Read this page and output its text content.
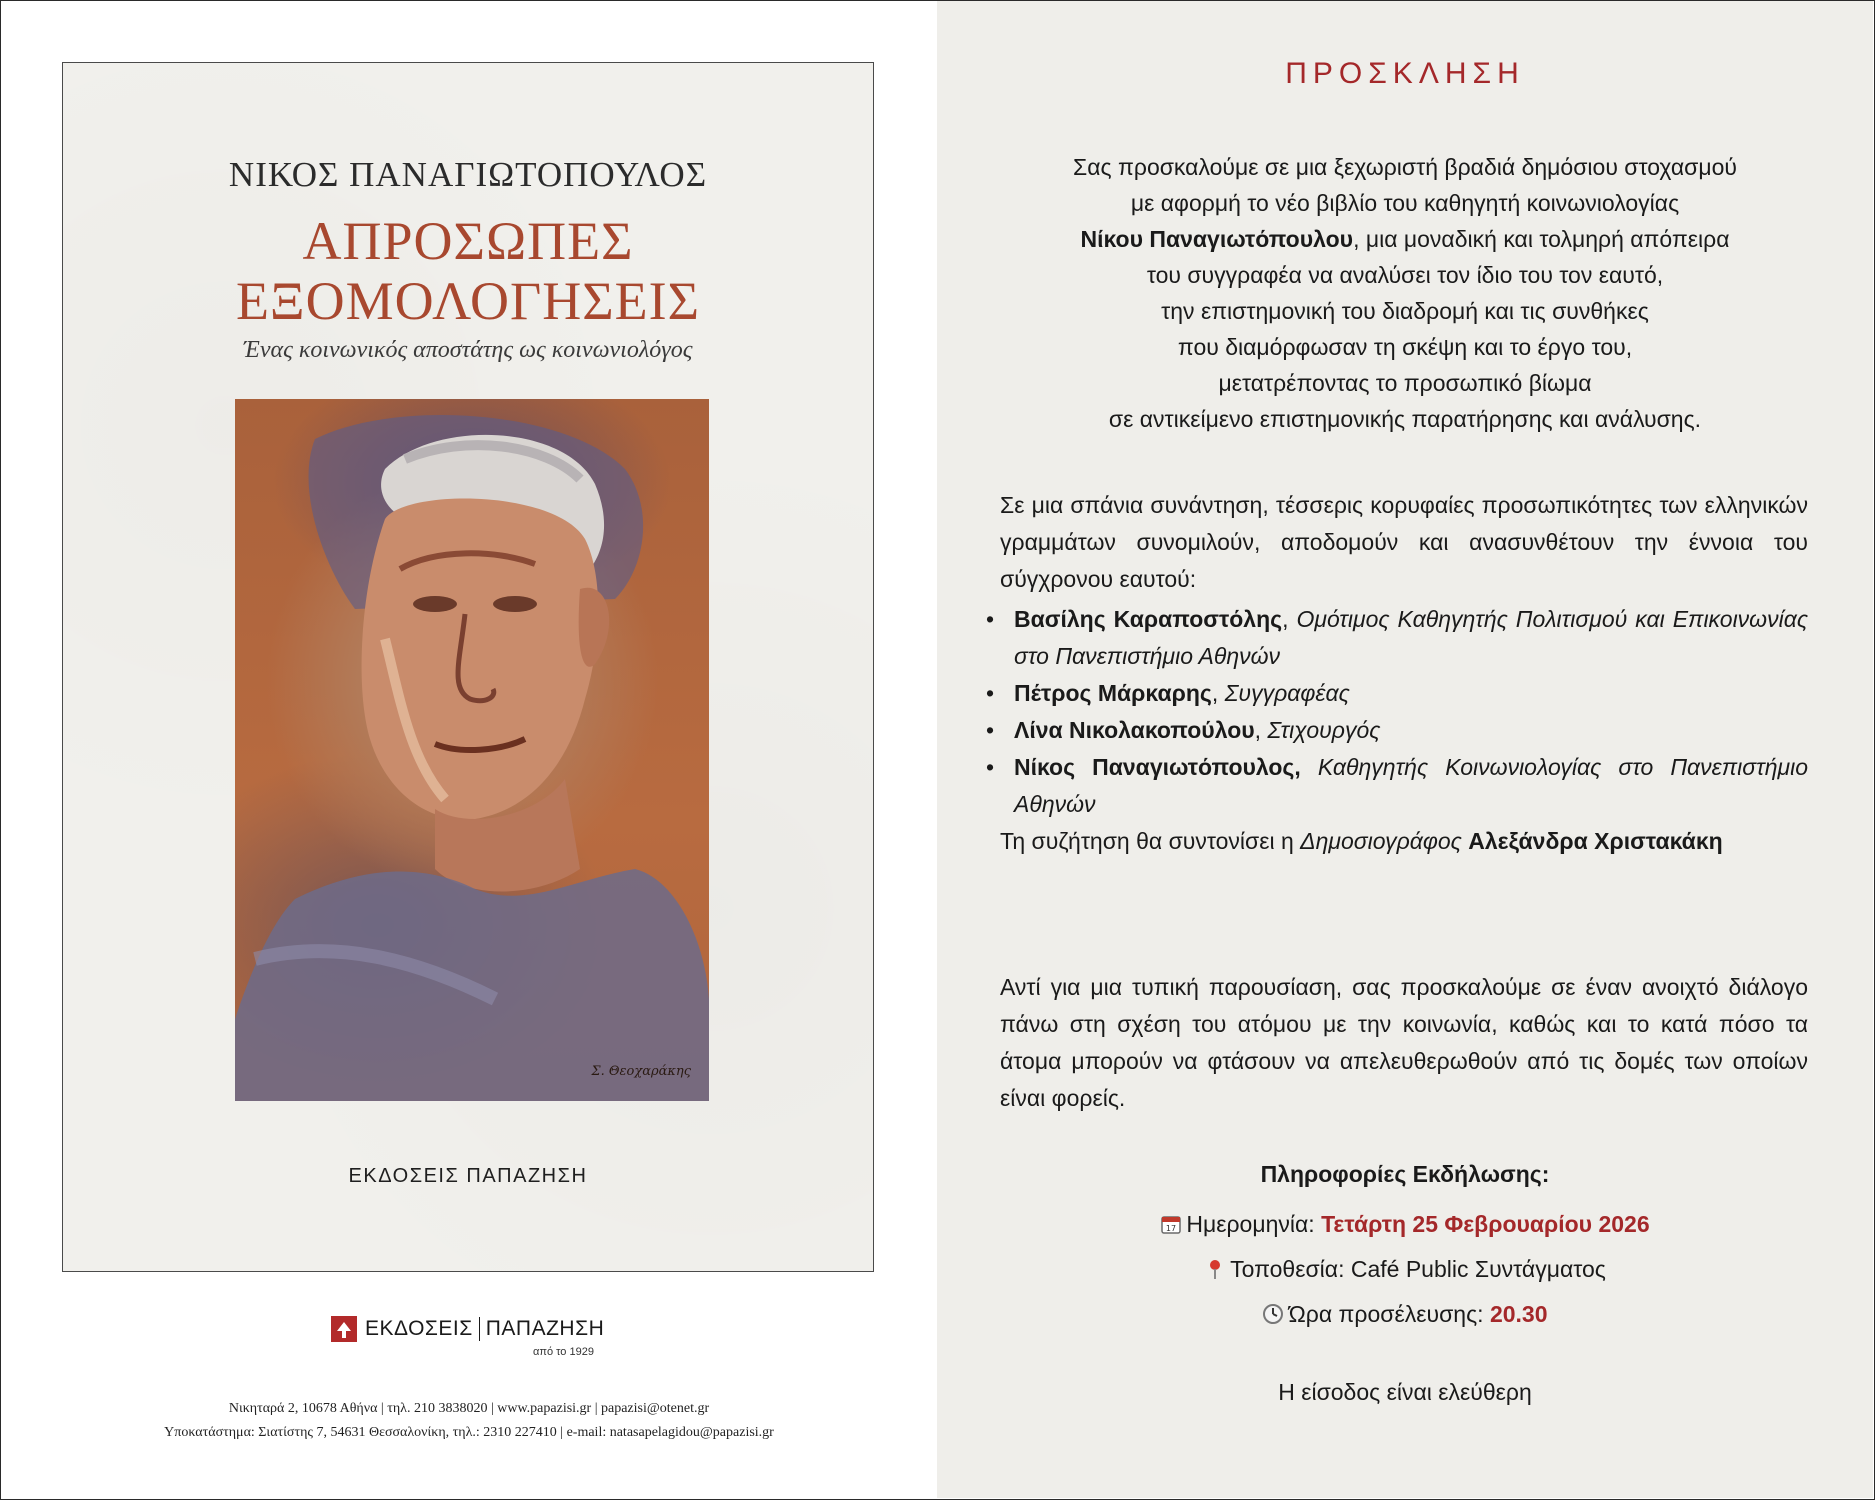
ΝΙΚΟΣ ΠΑΝΑΓΙΩΤΟΠΟΥΛΟΣ
ΑΠΡΟΣΩΠΕΣ
ΕΞΟΜΟΛΟΓΗΣΕΙΣ
Ένας κοινωνικός αποστάτης ως κοινωνιολόγος
Σ. Θεοχαράκης
ΕΚΔΟΣΕΙΣ ΠΑΠΑΖΗΣΗ
ΕΚΔΟΣΕΙΣ ΠΑΠΑΖΗΣΗ
από το 1929
Νικηταρά 2, 10678 Αθήνα | τηλ. 210 3838020 | www.papazisi.gr | papazisi@otenet.gr
Υποκατάστημα: Σιατίστης 7, 54631 Θεσσαλονίκη, τηλ.: 2310 227410 | e-mail: natasapelagidou@papazisi.gr
ΠΡΟΣΚΛΗΣΗ
Σας προσκαλούμε σε μια ξεχωριστή βραδιά δημόσιου στοχασμού
με αφορμή το νέο βιβλίο του καθηγητή κοινωνιολογίας
Νίκου Παναγιωτόπουλου, μια μοναδική και τολμηρή απόπειρα
του συγγραφέα να αναλύσει τον ίδιο του τον εαυτό,
την επιστημονική του διαδρομή και τις συνθήκες
που διαμόρφωσαν τη σκέψη και το έργο του,
μετατρέποντας το προσωπικό βίωμα
σε αντικείμενο επιστημονικής παρατήρησης και ανάλυσης.
Σε μια σπάνια συνάντηση, τέσσερις κορυφαίες προσωπικότητες των ελληνικών γραμμάτων συνομιλούν, αποδομούν και ανασυνθέτουν την έννοια του σύγχρονου εαυτού:
• Βασίλης Καραποστόλης, Ομότιμος Καθηγητής Πολιτισμού και Επικοινωνίας στο Πανεπιστήμιο Αθηνών
• Πέτρος Μάρκαρης, Συγγραφέας
• Λίνα Νικολακοπούλου, Στιχουργός
• Νίκος Παναγιωτόπουλος, Καθηγητής Κοινωνιολογίας στο Πανεπιστήμιο Αθηνών
Τη συζήτηση θα συντονίσει η Δημοσιογράφος Αλεξάνδρα Χριστακάκη
Αντί για μια τυπική παρουσίαση, σας προσκαλούμε σε έναν ανοιχτό διάλογο πάνω στη σχέση του ατόμου με την κοινωνία, καθώς και το κατά πόσο τα άτομα μπορούν να φτάσουν να απελευθερωθούν από τις δομές των οποίων είναι φορείς.
Πληροφορίες Εκδήλωσης:
17 Ημερομηνία: Τετάρτη 25 Φεβρουαρίου 2026
Τοποθεσία: Café Public Συντάγματος
Ώρα προσέλευσης: 20.30
Η είσοδος είναι ελεύθερη
